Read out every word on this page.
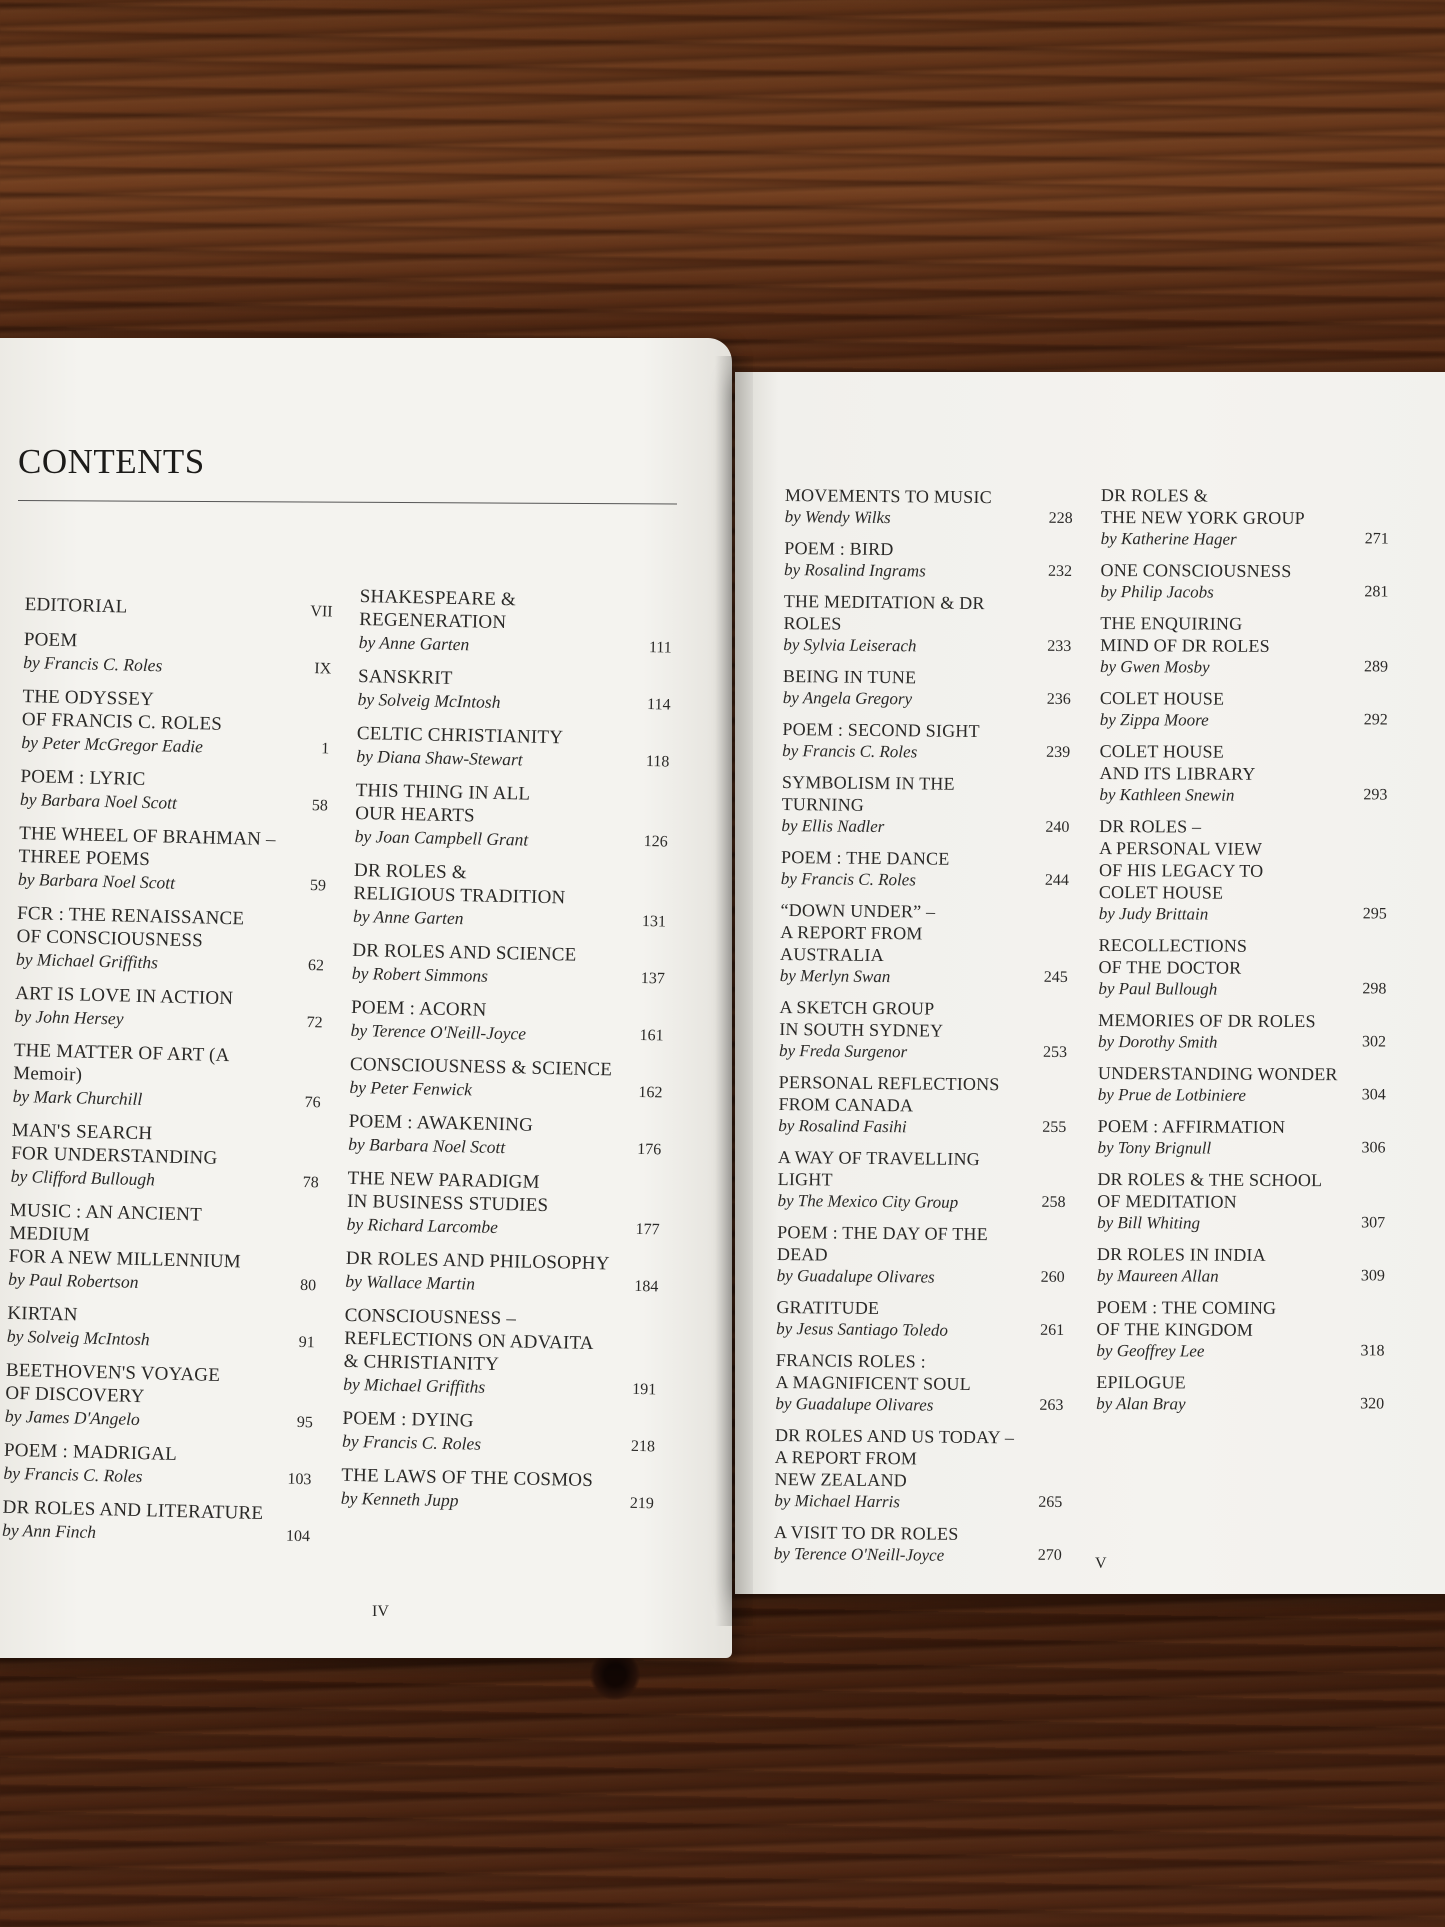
CONTENTS
EDITORIAL	VII
POEM
by Francis C. Roles	IX
THE ODYSSEY
OF FRANCIS C. ROLES
by Peter McGregor Eadie	1
POEM : LYRIC
by Barbara Noel Scott	58
THE WHEEL OF BRAHMAN –
THREE POEMS
by Barbara Noel Scott	59
FCR : THE RENAISSANCE
OF CONSCIOUSNESS
by Michael Griffiths	62
ART IS LOVE IN ACTION
by John Hersey	72
THE MATTER OF ART (A Memoir)
by Mark Churchill	76
MAN'S SEARCH
FOR UNDERSTANDING
by Clifford Bullough	78
MUSIC : AN ANCIENT MEDIUM
FOR A NEW MILLENNIUM
by Paul Robertson	80
KIRTAN
by Solveig McIntosh	91
BEETHOVEN'S VOYAGE
OF DISCOVERY
by James D'Angelo	95
POEM : MADRIGAL
by Francis C. Roles	103
DR ROLES AND LITERATURE
by Ann Finch	104
SHAKESPEARE & REGENERATION
by Anne Garten	111
SANSKRIT
by Solveig McIntosh	114
CELTIC CHRISTIANITY
by Diana Shaw-Stewart	118
THIS THING IN ALL
OUR HEARTS
by Joan Campbell Grant	126
DR ROLES &
RELIGIOUS TRADITION
by Anne Garten	131
DR ROLES AND SCIENCE
by Robert Simmons	137
POEM : ACORN
by Terence O'Neill-Joyce	161
CONSCIOUSNESS & SCIENCE
by Peter Fenwick	162
POEM : AWAKENING
by Barbara Noel Scott	176
THE NEW PARADIGM
IN BUSINESS STUDIES
by Richard Larcombe	177
DR ROLES AND PHILOSOPHY
by Wallace Martin	184
CONSCIOUSNESS –
REFLECTIONS ON ADVAITA
& CHRISTIANITY
by Michael Griffiths	191
POEM : DYING
by Francis C. Roles	218
THE LAWS OF THE COSMOS
by Kenneth Jupp	219
MOVEMENTS TO MUSIC
by Wendy Wilks	228
POEM : BIRD
by Rosalind Ingrams	232
THE MEDITATION & DR ROLES
by Sylvia Leiserach	233
BEING IN TUNE
by Angela Gregory	236
POEM : SECOND SIGHT
by Francis C. Roles	239
SYMBOLISM IN THE TURNING
by Ellis Nadler	240
POEM : THE DANCE
by Francis C. Roles	244
“DOWN UNDER” –
A REPORT FROM AUSTRALIA
by Merlyn Swan	245
A SKETCH GROUP
IN SOUTH SYDNEY
by Freda Surgenor	253
PERSONAL REFLECTIONS
FROM CANADA
by Rosalind Fasihi	255
A WAY OF TRAVELLING LIGHT
by The Mexico City Group	258
POEM : THE DAY OF THE DEAD
by Guadalupe Olivares	260
GRATITUDE
by Jesus Santiago Toledo	261
FRANCIS ROLES :
A MAGNIFICENT SOUL
by Guadalupe Olivares	263
DR ROLES AND US TODAY –
A REPORT FROM
NEW ZEALAND
by Michael Harris	265
A VISIT TO DR ROLES
by Terence O'Neill-Joyce	270
DR ROLES &
THE NEW YORK GROUP
by Katherine Hager	271
ONE CONSCIOUSNESS
by Philip Jacobs	281
THE ENQUIRING
MIND OF DR ROLES
by Gwen Mosby	289
COLET HOUSE
by Zippa Moore	292
COLET HOUSE
AND ITS LIBRARY
by Kathleen Snewin	293
DR ROLES –
A PERSONAL VIEW
OF HIS LEGACY TO
COLET HOUSE
by Judy Brittain	295
RECOLLECTIONS
OF THE DOCTOR
by Paul Bullough	298
MEMORIES OF DR ROLES
by Dorothy Smith	302
UNDERSTANDING WONDER
by Prue de Lotbiniere	304
POEM : AFFIRMATION
by Tony Brignull	306
DR ROLES & THE SCHOOL
OF MEDITATION
by Bill Whiting	307
DR ROLES IN INDIA
by Maureen Allan	309
POEM : THE COMING
OF THE KINGDOM
by Geoffrey Lee	318
EPILOGUE
by Alan Bray	320
IV
V
